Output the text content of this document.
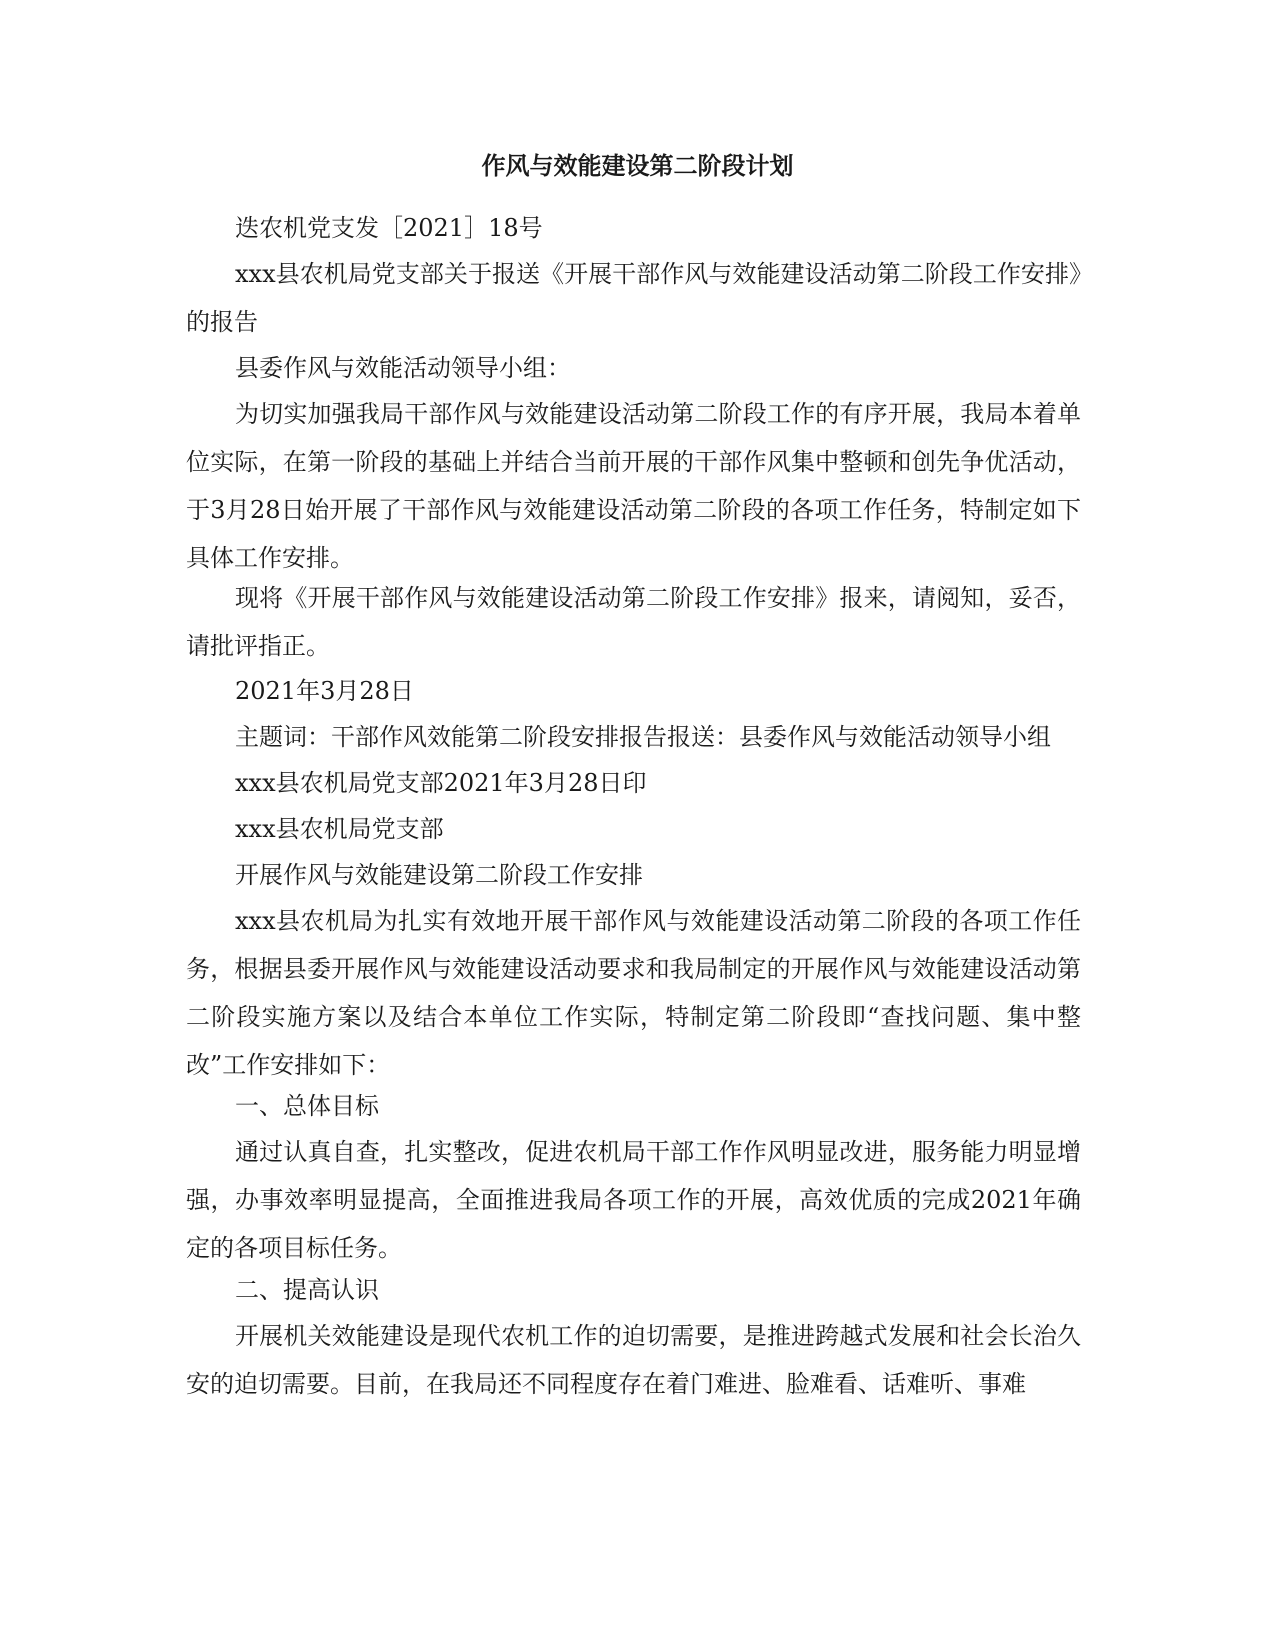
作风与效能建设第二阶段计划

迭农机党支发［2021］18号

xxx县农机局党支部关于报送《开展干部作风与效能建设活动第二阶段工作安排》的报告

县委作风与效能活动领导小组：

为切实加强我局干部作风与效能建设活动第二阶段工作的有序开展，我局本着单位实际，在第一阶段的基础上并结合当前开展的干部作风集中整顿和创先争优活动，于3月28日始开展了干部作风与效能建设活动第二阶段的各项工作任务，特制定如下具体工作安排。

现将《开展干部作风与效能建设活动第二阶段工作安排》报来，请阅知，妥否，请批评指正。

2021年3月28日

主题词：干部作风效能第二阶段安排报告报送：县委作风与效能活动领导小组

xxx县农机局党支部2021年3月28日印

xxx县农机局党支部

开展作风与效能建设第二阶段工作安排

xxx县农机局为扎实有效地开展干部作风与效能建设活动第二阶段的各项工作任务，根据县委开展作风与效能建设活动要求和我局制定的开展作风与效能建设活动第二阶段实施方案以及结合本单位工作实际，特制定第二阶段即“查找问题、集中整改”工作安排如下：

一、总体目标

通过认真自查，扎实整改，促进农机局干部工作作风明显改进，服务能力明显增强，办事效率明显提高，全面推进我局各项工作的开展，高效优质的完成2021年确定的各项目标任务。

二、提高认识

开展机关效能建设是现代农机工作的迫切需要，是推进跨越式发展和社会长治久安的迫切需要。目前，在我局还不同程度存在着门难进、脸难看、话难听、事难
